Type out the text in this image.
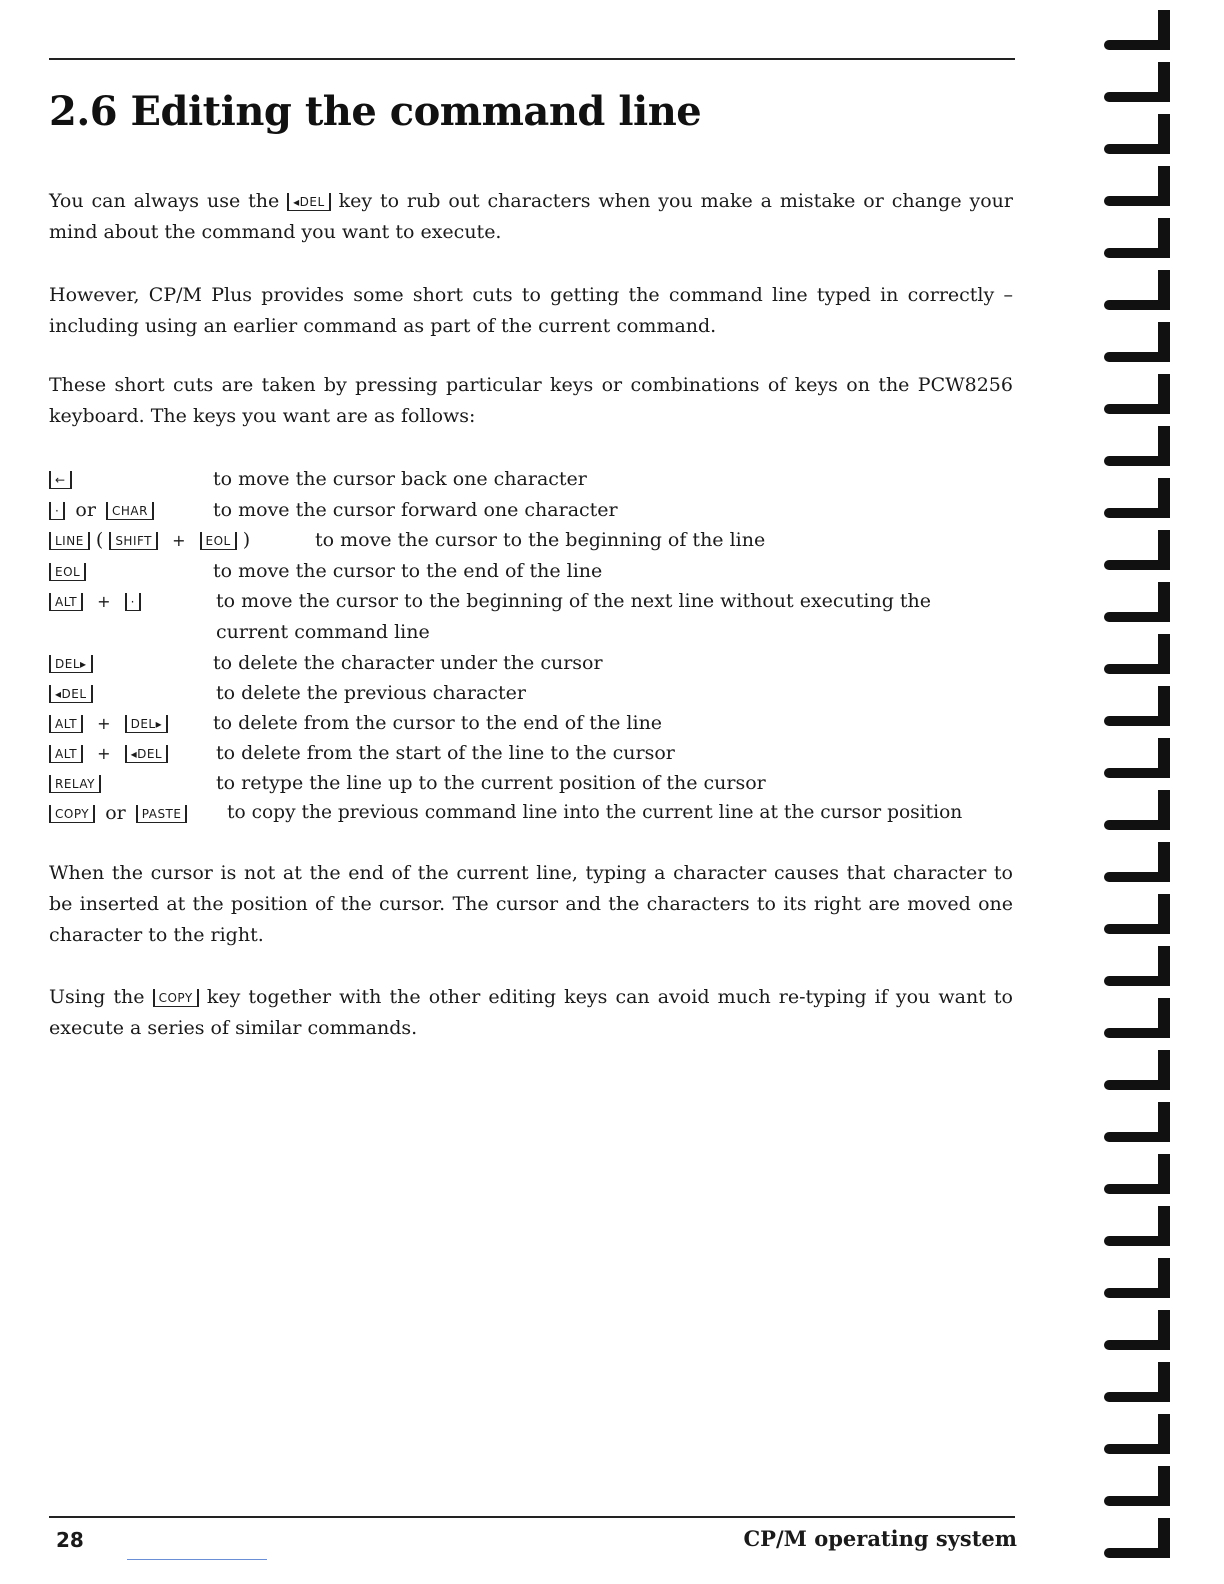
2.6 Editing the command line

You can always use the ◂DEL key to rub out characters when you make a mistake or change your mind about the command you want to execute.

However, CP/M Plus provides some short cuts to getting the command line typed in correctly – including using an earlier command as part of the current command.

These short cuts are taken by pressing particular keys or combinations of keys on the PCW8256 keyboard. The keys you want are as follows:

←	to move the cursor back one character
· or CHAR	to move the cursor forward one character
LINE ( SHIFT + EOL )	to move the cursor to the beginning of the line
EOL	to move the cursor to the end of the line
ALT + ·	to move the cursor to the beginning of the next line without executing the
current command line
DEL▸	to delete the character under the cursor
◂DEL	to delete the previous character
ALT + DEL▸	to delete from the cursor to the end of the line
ALT + ◂DEL	to delete from the start of the line to the cursor
RELAY	to retype the line up to the current position of the cursor
COPY or PASTE	to copy the previous command line into the current line at the cursor position

When the cursor is not at the end of the current line, typing a character causes that character to be inserted at the position of the cursor. The cursor and the characters to its right are moved one character to the right.

Using the COPY key together with the other editing keys can avoid much re-typing if you want to execute a series of similar commands.

28	CP/M operating system
